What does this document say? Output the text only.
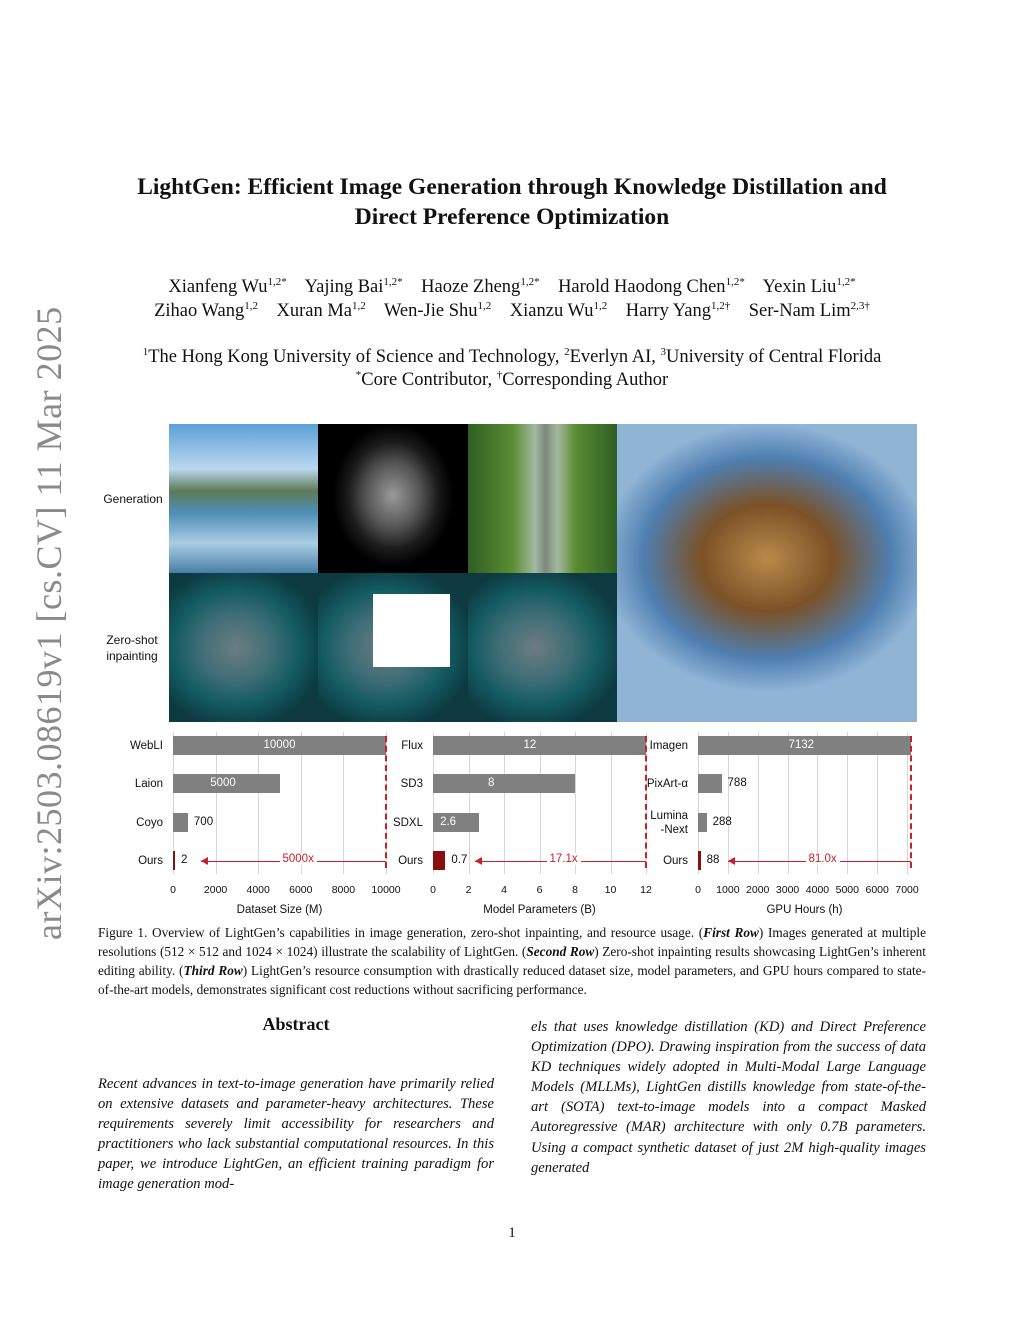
arXiv:2503.08619v1 [cs.CV] 11 Mar 2025
LightGen: Efficient Image Generation through Knowledge Distillation and
Direct Preference Optimization
Xianfeng $Wu^{1,2*}$ Yajing Bai$^{1,2*}$ Haoze Zheng$^{1,2*}$ Harold Haodong Chen$^{1,2*}$ Yexin Liu$^{1,2*}$
Zihao Wang$^{1,2}$ Xuran Ma$^{1,2}$ Wen-Jie Shu$^{1,2}$ Xianzu Wu$^{1,2}$ Harry Yang$^{1,2\dagger}$ Ser-Nam Lim$^{2,3\dagger}$
$^1$The Hong Kong University of Science and Technology, $^2$Everlyn AI, $^3$University of Central Florida
*Core Contributor, †Corresponding Author
Generation
Zero-shot
inpainting
0	2000 4000 6000 8000 10000
Dataset Size (M)
WebLI	10000
Laion	5000
Coyo	700
Ours 2	5000x
0	2	4	6	8	10 12
Model Parameters (B)
Flux	12
SD3	8
SDXL 2.6
Ours 0.7	17.1x
0 1000 2000 3000 4000 5000 6000 7000
GPU Hours (h)
Imagen	7132
PixArt-α	788
Lumina
-Next
288
Ours 88	81.0x
Figure 1. Overview of LightGen’s capabilities in image generation, zero-shot inpainting, and resource usage. (First Row) Images generated at multiple resolutions (512 × 512 and 1024 × 1024) illustrate the scalability of LightGen. (Second Row) Zero-shot inpainting results showcasing LightGen’s inherent editing ability. (Third Row) LightGen’s resource consumption with drastically reduced dataset size, model parameters, and GPU hours compared to state-of-the-art models, demonstrates significant cost reductions without sacrificing performance.
Abstract
Recent advances in text-to-image generation have primarily relied on extensive datasets and parameter-heavy architectures. These requirements severely limit accessibility for researchers and practitioners who lack substantial computational resources. In this paper, we introduce LightGen, an efficient training paradigm for image generation mod-
els that uses knowledge distillation (KD) and Direct Preference Optimization (DPO). Drawing inspiration from the success of data KD techniques widely adopted in Multi-Modal Large Language Models (MLLMs), LightGen distills knowledge from state-of-the-art (SOTA) text-to-image models into a compact Masked Autoregressive (MAR) architecture with only 0.7B parameters. Using a compact synthetic dataset of just 2M high-quality images generated
1
